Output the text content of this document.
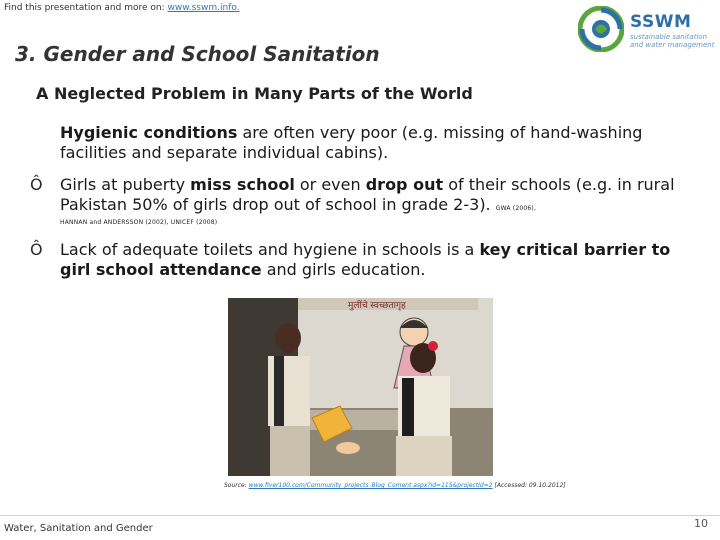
Find this presentation and more on: www.sswm.info.
SSWM
sustainable sanitation and water management
3. Gender and School Sanitation
A Neglected Problem in Many Parts of the World
Hygienic conditions are often very poor (e.g. missing of hand-washing facilities and separate individual cabins).
Ô Girls at puberty miss school or even drop out of their schools (e.g. in rural Pakistan 50% of girls drop out of school in grade 2-3). GWA (2006),
HANNAN and ANDERSSON (2002), UNICEF (2008)
Ô Lack of adequate toilets and hygiene in schools is a key critical barrier to girl school attendance and girls education.
मुलींचे स्वच्छतागृह
Source: www.fiver100.com/Community_projects_Blog_Coment.aspx?id=115&projectId=2 [Accessed: 09.10.2012]
Water, Sanitation and Gender	10
